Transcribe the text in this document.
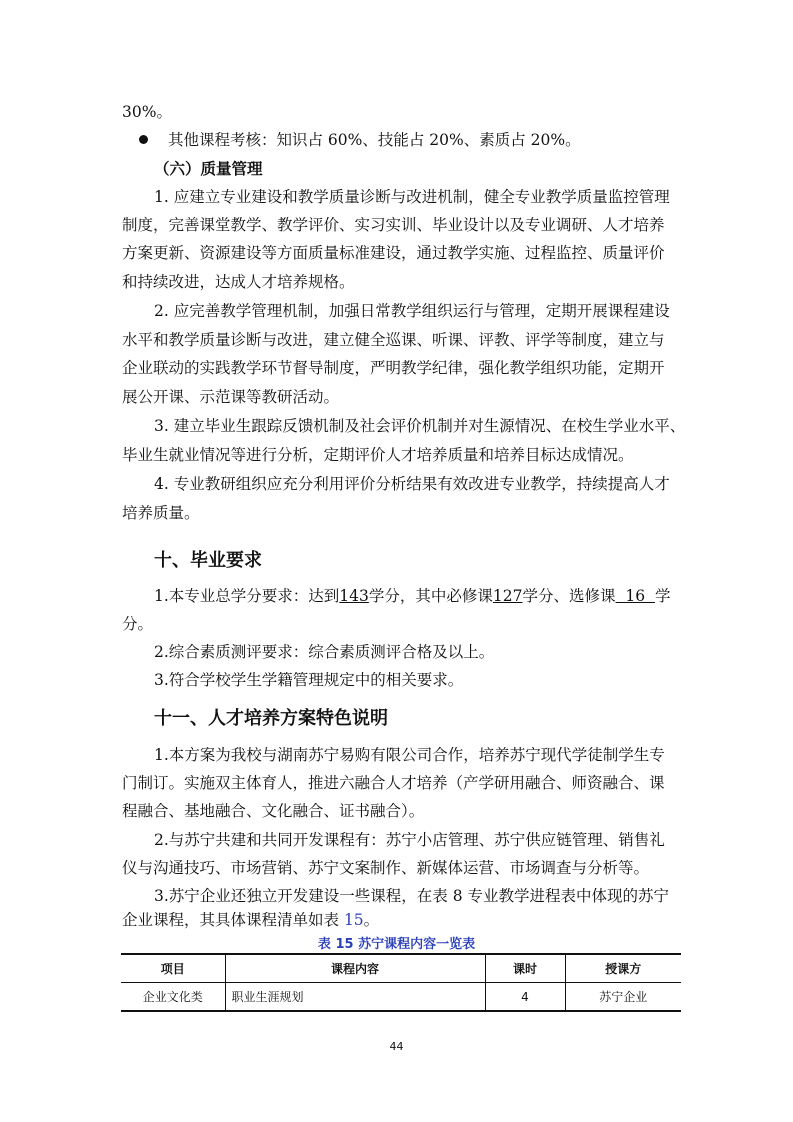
30%。
其他课程考核：知识占 60%、技能占 20%、素质占 20%。
（六）质量管理
1. 应建立专业建设和教学质量诊断与改进机制，健全专业教学质量监控管理
制度，完善课堂教学、教学评价、实习实训、毕业设计以及专业调研、人才培养
方案更新、资源建设等方面质量标准建设，通过教学实施、过程监控、质量评价
和持续改进，达成人才培养规格。
2. 应完善教学管理机制，加强日常教学组织运行与管理，定期开展课程建设
水平和教学质量诊断与改进，建立健全巡课、听课、评教、评学等制度，建立与
企业联动的实践教学环节督导制度，严明教学纪律，强化教学组织功能，定期开
展公开课、示范课等教研活动。
3. 建立毕业生跟踪反馈机制及社会评价机制并对生源情况、在校生学业水平、
毕业生就业情况等进行分析，定期评价人才培养质量和培养目标达成情况。
4. 专业教研组织应充分利用评价分析结果有效改进专业教学，持续提高人才
培养质量。
十、毕业要求
1.本专业总学分要求：达到143学分，其中必修课127学分、选修课  16  学
分。
2.综合素质测评要求：综合素质测评合格及以上。
3.符合学校学生学籍管理规定中的相关要求。
十一、人才培养方案特色说明
1.本方案为我校与湖南苏宁易购有限公司合作，培养苏宁现代学徒制学生专
门制订。实施双主体育人，推进六融合人才培养（产学研用融合、师资融合、课
程融合、基地融合、文化融合、证书融合）。
2.与苏宁共建和共同开发课程有：苏宁小店管理、苏宁供应链管理、销售礼
仪与沟通技巧、市场营销、苏宁文案制作、新媒体运营、市场调查与分析等。
3.苏宁企业还独立开发建设一些课程，在表 8 专业教学进程表中体现的苏宁
企业课程，其具体课程清单如表 15。
表 15 苏宁课程内容一览表
项目	课程内容	课时	授课方
企业文化类	职业生涯规划	4	苏宁企业
44
